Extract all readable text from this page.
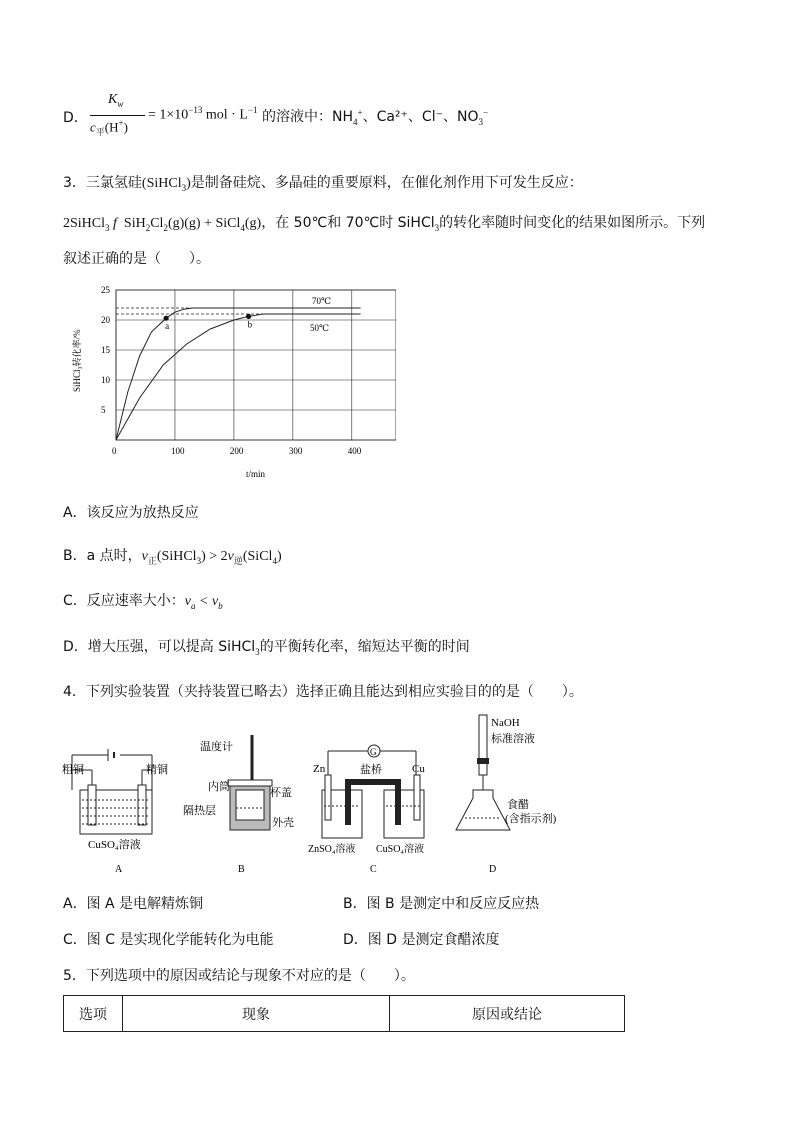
D．
$K_w$
$c_平(H^+)$
= $1\times 10^{-13}$ mol · $L^{-1}$ 的溶液中：$NH_4^+$、Ca²⁺、Cl⁻、$NO_3^-$
3．三氯氢硅(SiHCl$_3$)是制备硅烷、多晶硅的重要原料，在催化剂作用下可发生反应：
2SiHCl$_3$ f $SiH_2Cl_2(g)(g)$ + SiCl$_4$(g)，在 50℃和 70℃时 SiHCl$_3$的转化率随时间变化的结果如图所示。下列
叙述正确的是（　　）。
a	b
0	100	200	300	400
5
10
15
20
25
70℃
50℃
t/min
SiHCl₃转化率/%
A．该反应为放热反应
B．a 点时，$v_正(SiHCl_3)$ > $2v_逆(SiCl_4)$
C．反应速率大小：$v_a < v_b$
D．增大压强，可以提高 SiHCl$_3$的平衡转化率，缩短达平衡的时间
4．下列实验装置（夹持装置已略去）选择正确且能达到相应实验目的的是（　　）。
粗铜	精铜
CuSO₄溶液
A
温度计
内筒	杯盖
隔热层
外壳
B
G
Zn	Cu
盐桥
ZnSO₄溶液 CuSO₄溶液
C
NaOH
标准溶液
食醋
(含指示剂)
D
A．图 A 是电解精炼铜	B．图 B 是测定中和反应反应热
C．图 C 是实现化学能转化为电能	D．图 D 是测定食醋浓度
5．下列选项中的原因或结论与现象不对应的是（　　）。
选项	现象	原因或结论
